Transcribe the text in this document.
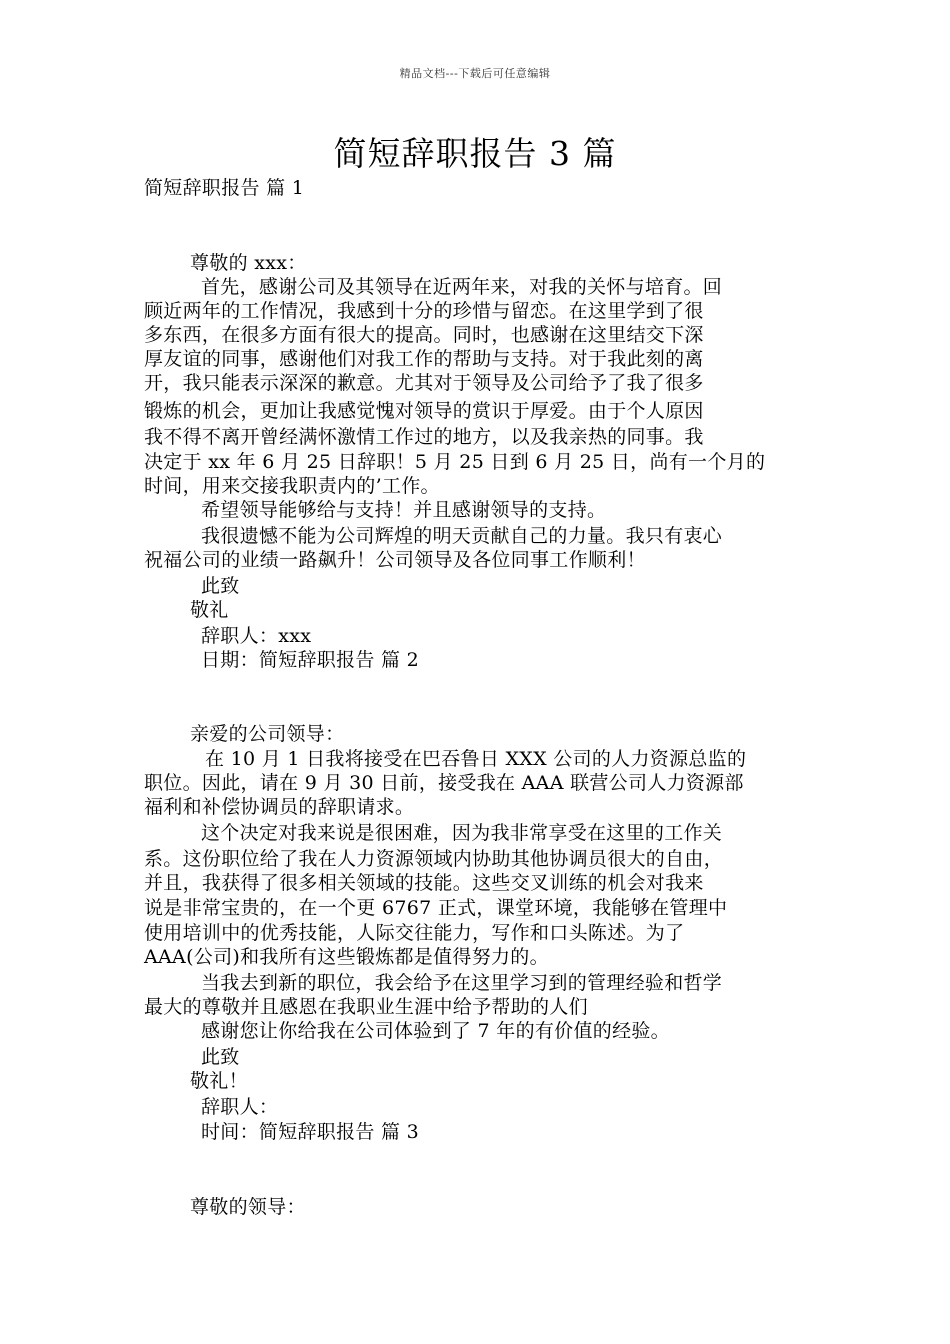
精品文档---下载后可任意编辑
简短辞职报告 3 篇
简短辞职报告 篇 1
尊敬的 xxx：
首先，感谢公司及其领导在近两年来，对我的关怀与培育。回
顾近两年的工作情况，我感到十分的珍惜与留恋。在这里学到了很
多东西，在很多方面有很大的提高。同时，也感谢在这里结交下深
厚友谊的同事，感谢他们对我工作的帮助与支持。对于我此刻的离
开，我只能表示深深的歉意。尤其对于领导及公司给予了我了很多
锻炼的机会，更加让我感觉愧对领导的赏识于厚爱。由于个人原因
我不得不离开曾经满怀激情工作过的地方，以及我亲热的同事。我
决定于 xx 年 6 月 25 日辞职！5 月 25 日到 6 月 25 日，尚有一个月的
时间，用来交接我职责内的’工作。
希望领导能够给与支持！并且感谢领导的支持。
我很遗憾不能为公司辉煌的明天贡献自己的力量。我只有衷心
祝福公司的业绩一路飙升！公司领导及各位同事工作顺利！
此致
敬礼
辞职人：xxx
日期：简短辞职报告 篇 2
亲爱的公司领导：
在 10 月 1 日我将接受在巴吞鲁日 XXX 公司的人力资源总监的
职位。因此，请在 9 月 30 日前，接受我在 AAA 联营公司人力资源部
福利和补偿协调员的辞职请求。
这个决定对我来说是很困难，因为我非常享受在这里的工作关
系。这份职位给了我在人力资源领域内协助其他协调员很大的自由，
并且，我获得了很多相关领域的技能。这些交叉训练的机会对我来
说是非常宝贵的，在一个更 6767 正式，课堂环境，我能够在管理中
使用培训中的优秀技能，人际交往能力，写作和口头陈述。为了
AAA(公司)和我所有这些锻炼都是值得努力的。
当我去到新的职位，我会给予在这里学习到的管理经验和哲学
最大的尊敬并且感恩在我职业生涯中给予帮助的人们
感谢您让你给我在公司体验到了 7 年的有价值的经验。
此致
敬礼！
辞职人：
时间：简短辞职报告 篇 3
尊敬的领导：
